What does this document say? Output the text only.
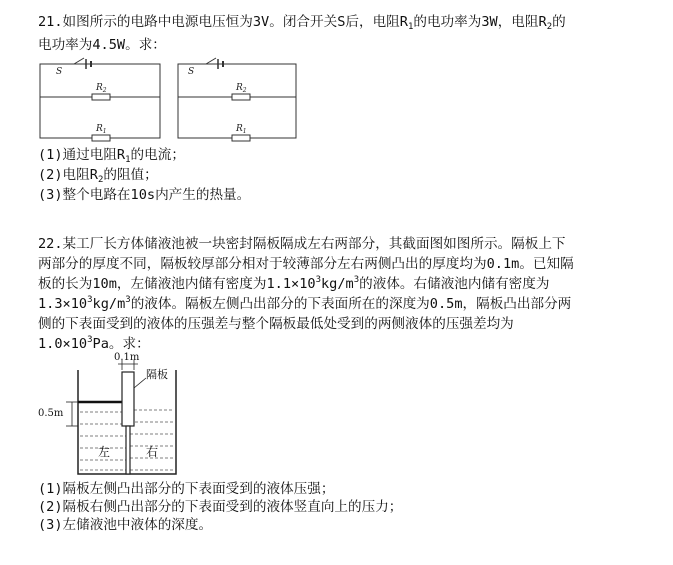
21.如图所示的电路中电源电压恒为3V。闭合开关S后，电阻$R_1$的电功率为3W，电阻$R_2$的
电功率为4.5W。求：
S
$R_2$
$R_1$
S
$R_2$
$R_1$
(1)通过电阻$R_1$的电流；
(2)电阻$R_2$的阻值；
(3)整个电路在10s内产生的热量。
22.某工厂长方体储液池被一块密封隔板隔成左右两部分，其截面图如图所示。隔板上下
两部分的厚度不同，隔板较厚部分相对于较薄部分左右两侧凸出的厚度均为0.1m。已知隔
板的长为10m，左储液池内储有密度为$1.1\times 10^3kg/m^3$的液体。右储液池内储有密度为
$1.3\times 10^3kg/m^3$的液体。隔板左侧凸出部分的下表面所在的深度为0.5m，隔板凸出部分两
侧的下表面受到的液体的压强差与整个隔板最低处受到的两侧液体的压强差均为
$1.0\times 10^3Pa$。求：
0.1m
隔板
0.5m
左	右
(1)隔板左侧凸出部分的下表面受到的液体压强；
(2)隔板右侧凸出部分的下表面受到的液体竖直向上的压力；
(3)左储液池中液体的深度。
